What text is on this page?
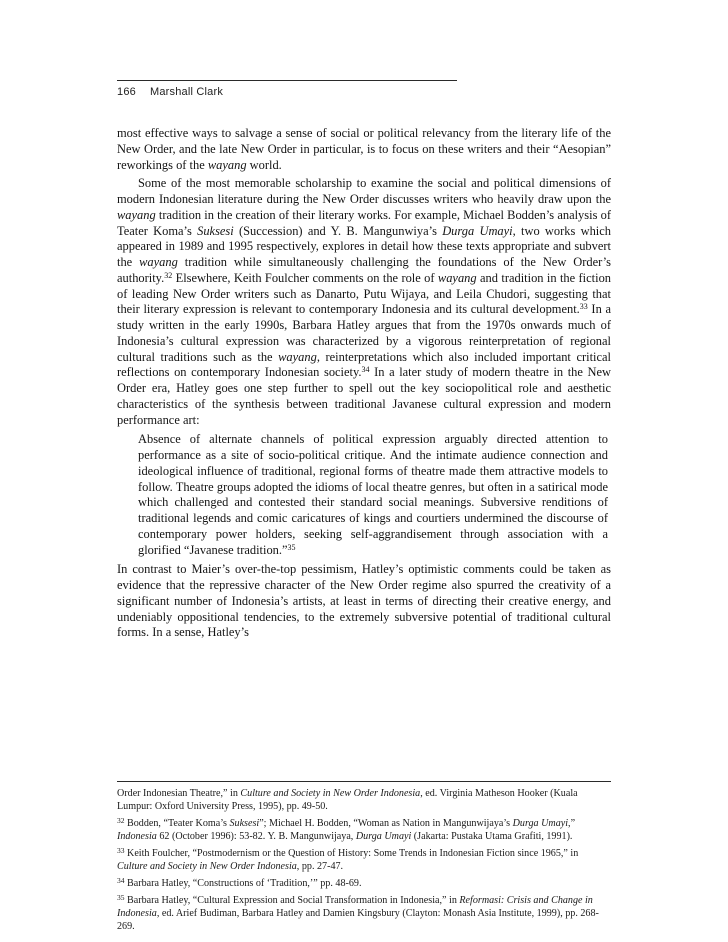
166 Marshall Clark

most effective ways to salvage a sense of social or political relevancy from the literary life of the New Order, and the late New Order in particular, is to focus on these writers and their “Aesopian” reworkings of the wayang world.

Some of the most memorable scholarship to examine the social and political dimensions of modern Indonesian literature during the New Order discusses writers who heavily draw upon the wayang tradition in the creation of their literary works. For example, Michael Bodden’s analysis of Teater Koma’s Suksesi (Succession) and Y. B. Mangunwiya’s Durga Umayi, two works which appeared in 1989 and 1995 respectively, explores in detail how these texts appropriate and subvert the wayang tradition while simultaneously challenging the foundations of the New Order’s authority.$^{32}$ Elsewhere, Keith Foulcher comments on the role of wayang and tradition in the fiction of leading New Order writers such as Danarto, Putu Wijaya, and Leila Chudori, suggesting that their literary expression is relevant to contemporary Indonesia and its cultural development.$^{33}$ In a study written in the early 1990s, Barbara Hatley argues that from the 1970s onwards much of Indonesia’s cultural expression was characterized by a vigorous reinterpretation of regional cultural traditions such as the wayang, reinterpretations which also included important critical reflections on contemporary Indonesian society.$^{34}$ In a later study of modern theatre in the New Order era, Hatley goes one step further to spell out the key sociopolitical role and aesthetic characteristics of the synthesis between traditional Javanese cultural expression and modern performance art:

Absence of alternate channels of political expression arguably directed attention to performance as a site of socio-political critique. And the intimate audience connection and ideological influence of traditional, regional forms of theatre made them attractive models to follow. Theatre groups adopted the idioms of local theatre genres, but often in a satirical mode which challenged and contested their standard social meanings. Subversive renditions of traditional legends and comic caricatures of kings and courtiers undermined the discourse of contemporary power holders, seeking self-aggrandisement through association with a glorified “Javanese tradition.”$^{35}$

In contrast to Maier’s over-the-top pessimism, Hatley’s optimistic comments could be taken as evidence that the repressive character of the New Order regime also spurred the creativity of a significant number of Indonesia’s artists, at least in terms of directing their creative energy, and undeniably oppositional tendencies, to the extremely subversive potential of traditional cultural forms. In a sense, Hatley’s

Order Indonesian Theatre,” in Culture and Society in New Order Indonesia, ed. Virginia Matheson Hooker (Kuala Lumpur: Oxford University Press, 1995), pp. 49-50.

$^{32}$ Bodden, “Teater Koma’s Suksesi”; Michael H. Bodden, “Woman as Nation in Mangunwijaya’s Durga Umayi,” Indonesia 62 (October 1996): 53-82. Y. B. Mangunwijaya, Durga Umayi (Jakarta: Pustaka Utama Grafiti, 1991).

$^{33}$ Keith Foulcher, “Postmodernism or the Question of History: Some Trends in Indonesian Fiction since 1965,” in Culture and Society in New Order Indonesia, pp. 27-47.

$^{34}$ Barbara Hatley, “Constructions of ‘Tradition,’” pp. 48-69.

$^{35}$ Barbara Hatley, “Cultural Expression and Social Transformation in Indonesia,” in Reformasi: Crisis and Change in Indonesia, ed. Arief Budiman, Barbara Hatley and Damien Kingsbury (Clayton: Monash Asia Institute, 1999), pp. 268-269.
